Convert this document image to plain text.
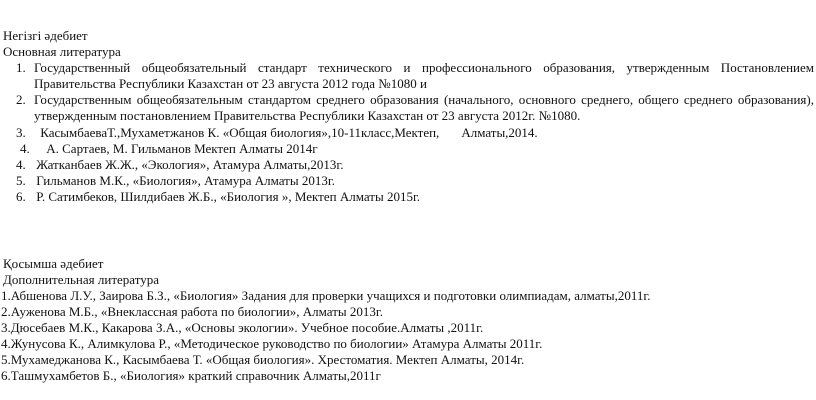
Негізгі әдебиет
Основная литература
1. Государственный общеобязательный стандарт технического и профессионального образования, утвержденным Постановлением
Правительства Республики Казахстан от 23 августа 2012 года №1080 и
2. Государственным общеобязательным стандартом среднего образования (начального, основного среднего, общего среднего образования),
утвержденным постановлением Правительства Республики Казахстан от 23 августа 2012г. №1080.
3. КасымбаеваТ.,Мухаметжанов К. «Общая биология»,10-11класс,Мектеп, Алматы,2014.
4. А. Сартаев, М. Гильманов Мектеп Алматы 2014г
4. Жатканбаев Ж.Ж., «Экология», Атамура Алматы,2013г.
5. Гильманов М.К., «Биология», Атамура Алматы 2013г.
6. Р. Сатимбеков, Шилдибаев Ж.Б., «Биология », Мектеп Алматы 2015г.
Қосымша әдебиет
Дополнительная литература
1.Абшенова Л.У., Заирова Б.З., «Биология» Задания для проверки учащихся и подготовки олимпиадам, алматы,2011г.
2.Ауженова М.Б., «Внеклассная работа по биологии», Алматы 2013г.
3.Дюсебаев М.К., Какарова З.А., «Основы экологии». Учебное пособие.Алматы ,2011г.
4.Жунусова К., Алимкулова Р., «Методическое руководство по биологии» Атамура Алматы 2011г.
5.Мухамеджанова К., Касымбаева Т. «Общая биология». Хрестоматия. Мектеп Алматы, 2014г.
6.Ташмухамбетов Б., «Биология» краткий справочник Алматы,2011г
